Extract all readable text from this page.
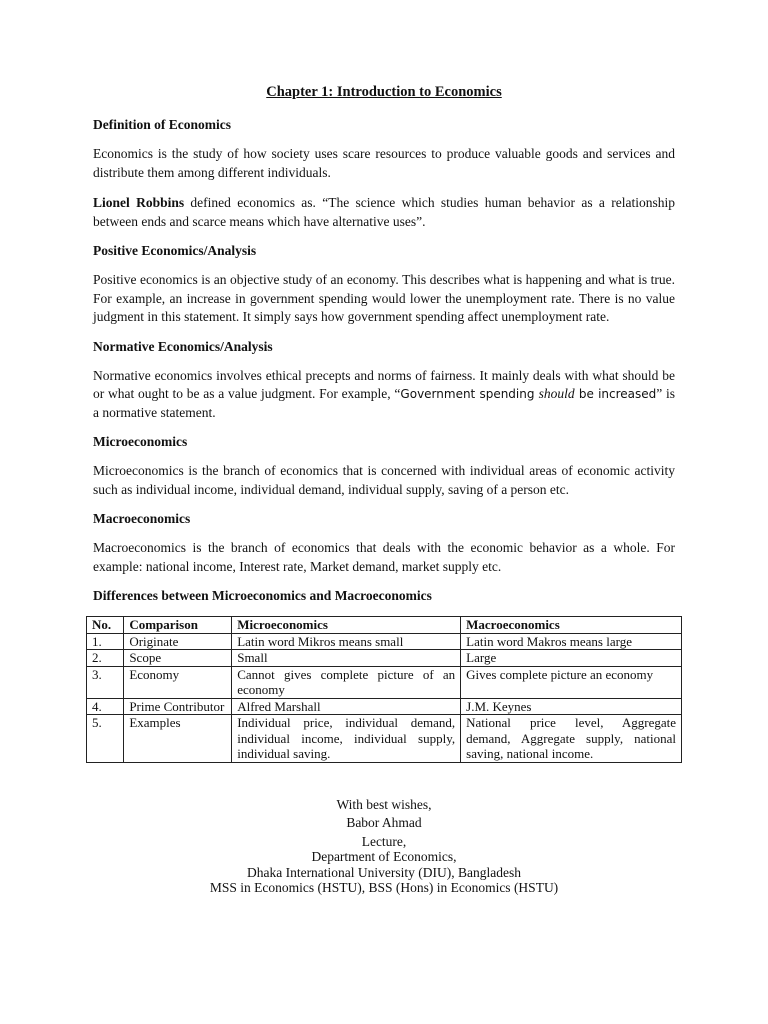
Chapter 1: Introduction to Economics
Definition of Economics
Economics is the study of how society uses scare resources to produce valuable goods and services and distribute them among different individuals.
Lionel Robbins defined economics as. “The science which studies human behavior as a relationship between ends and scarce means which have alternative uses”.
Positive Economics/Analysis
Positive economics is an objective study of an economy. This describes what is happening and what is true. For example, an increase in government spending would lower the unemployment rate. There is no value judgment in this statement. It simply says how government spending affect unemployment rate.
Normative Economics/Analysis
Normative economics involves ethical precepts and norms of fairness. It mainly deals with what should be or what ought to be as a value judgment. For example, “Government spending should be increased” is a normative statement.
Microeconomics
Microeconomics is the branch of economics that is concerned with individual areas of economic activity such as individual income, individual demand, individual supply, saving of a person etc.
Macroeconomics
Macroeconomics is the branch of economics that deals with the economic behavior as a whole. For example: national income, Interest rate, Market demand, market supply etc.
Differences between Microeconomics and Macroeconomics
No.	Comparison	Microeconomics	Macroeconomics
1.	Originate	Latin word Mikros means small	Latin word Makros means large
2.	Scope	Small	Large
3.	Economy	Cannot gives complete picture of an economy	Gives complete picture an economy
4.	Prime Contributor	Alfred Marshall	J.M. Keynes
5.	Examples	Individual price, individual demand, individual income, individual supply, individual saving.	National price level, Aggregate demand, Aggregate supply, national saving, national income.
With best wishes,
Babor Ahmad
Lecture,
Department of Economics,
Dhaka International University (DIU), Bangladesh
MSS in Economics (HSTU), BSS (Hons) in Economics (HSTU)
